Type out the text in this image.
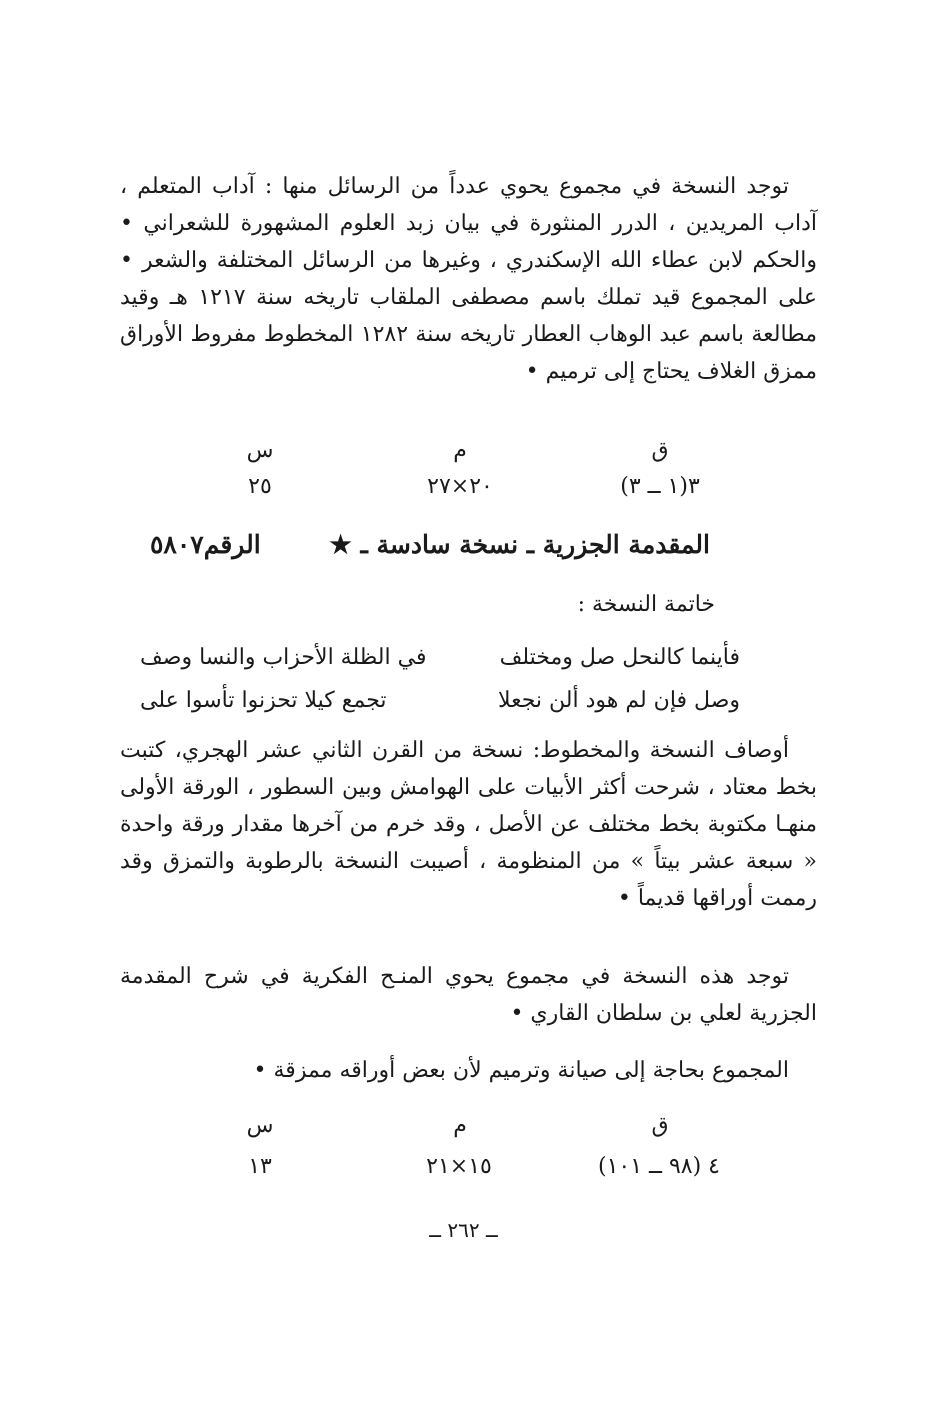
توجد النسخة في مجموع يحوي عدداً من الرسائل منها : آداب المتعلم ، آداب المريدين ، الدرر المنثورة في بيان زبد العلوم المشهورة للشعراني • والحكم لابن عطاء الله الإسكندري ، وغيرها من الرسائل المختلفة والشعر • على المجموع قيد تملك باسم مصطفى الملقاب تاريخه سنة ١٢١٧ هـ وقيد مطالعة باسم عبد الوهاب العطار تاريخه سنة ١٢٨٢ المخطوط مفروط الأوراق ممزق الغلاف يحتاج إلى ترميم •

ق
م
س
٣(١ ــ ٣)
٢٠×٢٧
٢٥
المقدمة الجزرية ـ نسخة سادسة ـ ★
الرقم٥٨٠٧
خاتمة النسخة :
فأينما كالنحل صل ومختلف
في الظلة الأحزاب والنسا وصف
وصل فإن لم هود ألن نجعلا
تجمع كيلا تحزنوا تأسوا على

أوصاف النسخة والمخطوط: نسخة من القرن الثاني عشر الهجري، كتبت بخط معتاد ، شرحت أكثر الأبيات على الهوامش وبين السطور ، الورقة الأولى منهـا مكتوبة بخط مختلف عن الأصل ، وقد خرم من آخرها مقدار ورقة واحدة « سبعة عشر بيتاً » من المنظومة ، أصيبت النسخة بالرطوبة والتمزق وقد رممت أوراقها قديماً •

توجد هذه النسخة في مجموع يحوي المنـح الفكرية في شرح المقدمة الجزرية لعلي بن سلطان القاري •

المجموع بحاجة إلى صيانة وترميم لأن بعض أوراقه ممزقة •

ق
م
س
٤ (٩٨ ــ ١٠١)
١٥×٢١
١٣
ــ ٢٦٢ ــ
